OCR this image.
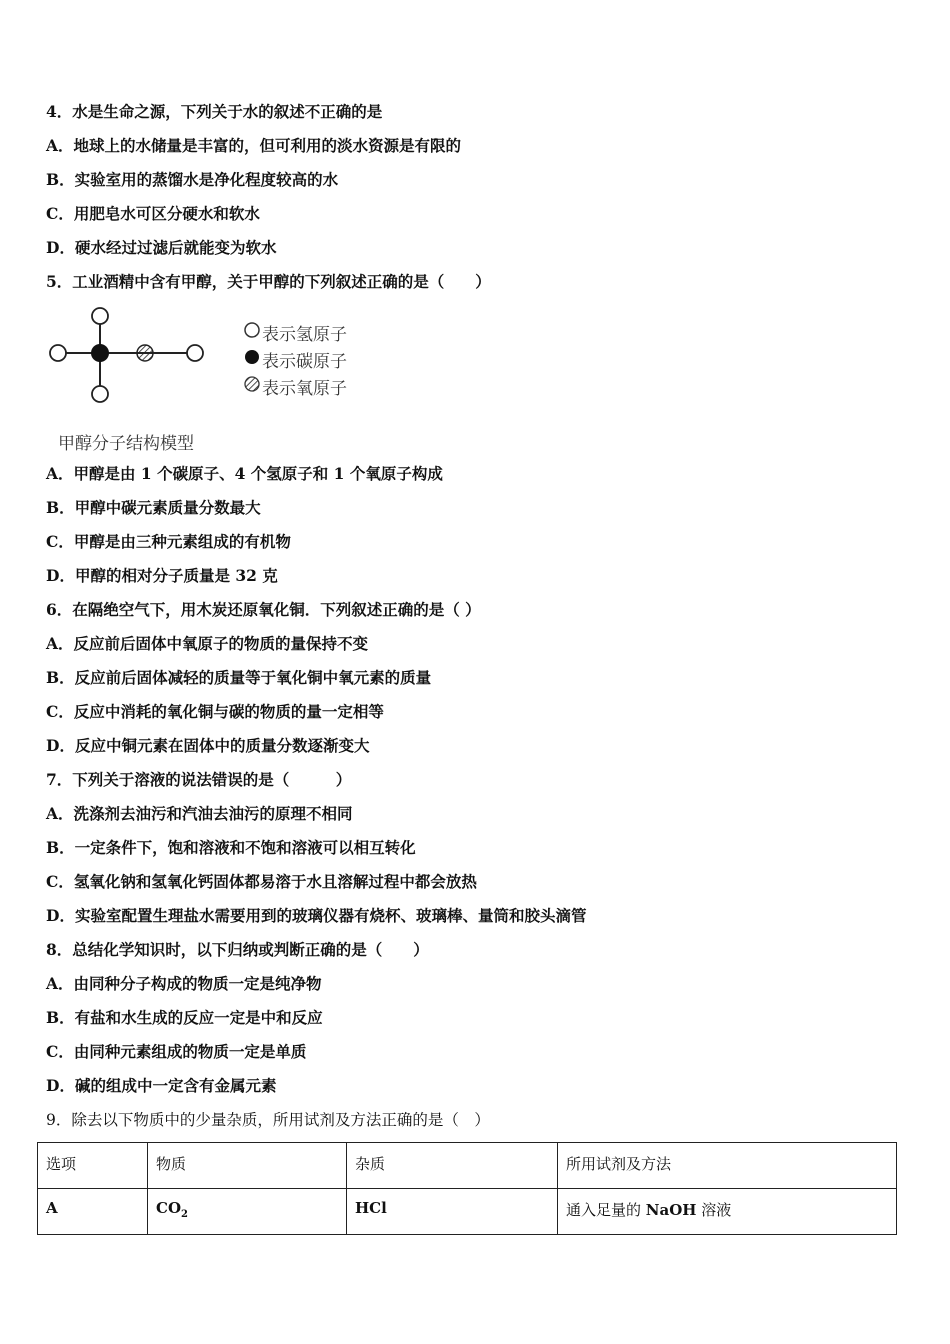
4．水是生命之源，下列关于水的叙述不正确的是
A．地球上的水储量是丰富的，但可利用的淡水资源是有限的
B．实验室用的蒸馏水是净化程度较高的水
C．用肥皂水可区分硬水和软水
D．硬水经过过滤后就能变为软水
5．工业酒精中含有甲醇，关于甲醇的下列叙述正确的是（　　）
表示氢原子
表示碳原子
表示氧原子
甲醇分子结构模型
A．甲醇是由 1 个碳原子、4 个氢原子和 1 个氧原子构成
B．甲醇中碳元素质量分数最大
C．甲醇是由三种元素组成的有机物
D．甲醇的相对分子质量是 32 克
6．在隔绝空气下，用木炭还原氧化铜．下列叙述正确的是（ ）
A．反应前后固体中氧原子的物质的量保持不变
B．反应前后固体减轻的质量等于氧化铜中氧元素的质量
C．反应中消耗的氧化铜与碳的物质的量一定相等
D．反应中铜元素在固体中的质量分数逐渐变大
7．下列关于溶液的说法错误的是（　　　）
A．洗涤剂去油污和汽油去油污的原理不相同
B．一定条件下，饱和溶液和不饱和溶液可以相互转化
C．氢氧化钠和氢氧化钙固体都易溶于水且溶解过程中都会放热
D．实验室配置生理盐水需要用到的玻璃仪器有烧杯、玻璃棒、量筒和胶头滴管
8．总结化学知识时，以下归纳或判断正确的是（　　）
A．由同种分子构成的物质一定是纯净物
B．有盐和水生成的反应一定是中和反应
C．由同种元素组成的物质一定是单质
D．碱的组成中一定含有金属元素
9．除去以下物质中的少量杂质，所用试剂及方法正确的是（　）
选项	物质	杂质	所用试剂及方法
A	$CO_2$	HCl	通入足量的 NaOH 溶液
